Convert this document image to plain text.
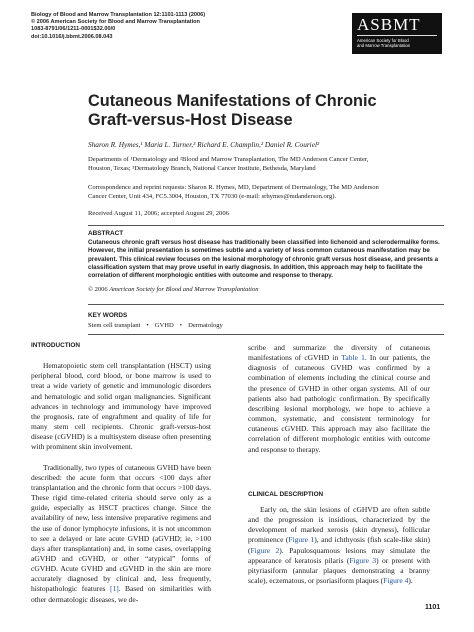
Biology of Blood and Marrow Transplantation 12:1101-1113 (2006)
© 2006 American Society for Blood and Marrow Transplantation
1083-8791/06/1211-0001$32.00/0
doi:10.1016/j.bbmt.2006.08.043
ASBMT
American Society for Blood
and Marrow Transplantation
Cutaneous Manifestations of Chronic
Graft-versus-Host Disease
Sharon R. Hymes,¹ Maria L. Turner,³ Richard E. Champlin,² Daniel R. Couriel²
Departments of ¹Dermatology and ²Blood and Marrow Transplantation, The MD Anderson Cancer Center,
Houston, Texas; ³Dermatology Branch, National Cancer Institute, Bethesda, Maryland
Correspondence and reprint requests: Sharon R. Hymes, MD, Department of Dermatology, The MD Anderson
Cancer Center, Unit 434, FC5.3004, Houston, TX 77030 (e-mail: srhymes@mdanderson.org).
Received August 11, 2006; accepted August 29, 2006
ABSTRACT
Cutaneous chronic graft versus host disease has traditionally been classified into lichenoid and sclerodermalike forms. However, the initial presentation is sometimes subtle and a variety of less common cutaneous manifestation may be prevalent. This clinical review focuses on the lesional morphology of chronic graft versus host disease, and presents a classification system that may prove useful in early diagnosis. In addition, this approach may help to facilitate the correlation of different morphologic entities with outcome and response to therapy.
© 2006 American Society for Blood and Marrow Transplantation
KEY WORDS
Stem cell transplant • GVHD • Dermatology
INTRODUCTION

Hematopoietic stem cell transplantation (HSCT) using peripheral blood, cord blood, or bone marrow is used to treat a wide variety of genetic and immunologic disorders and hematologic and solid organ malignancies. Significant advances in technology and immunology have improved the prognosis, rate of engraftment and quality of life for many stem cell recipients. Chronic graft-versus-host disease (cGVHD) is a multisystem disease often presenting with prominent skin involvement.

Traditionally, two types of cutaneous GVHD have been described: the acute form that occurs <100 days after transplantation and the chronic form that occurs >100 days. These rigid time-related criteria should serve only as a guide, especially as HSCT practices change. Since the availability of new, less intensive preparative regimens and the use of donor lymphocyte infusions, it is not uncommon to see a delayed or late acute GVHD (aGVHD; ie, >100 days after transplantation) and, in some cases, overlapping aGVHD and cGVHD, or other “atypical” forms of cGVHD. Acute GVHD and cGVHD in the skin are more accurately diagnosed by clinical and, less frequently, histopathologic features [1]. Based on similarities with other dermatologic diseases, we de-

scribe and summarize the diversity of cutaneous manifestations of cGVHD in Table 1. In our patients, the diagnosis of cutaneous GVHD was confirmed by a combination of elements including the clinical course and the presence of GVHD in other organ systems. All of our patients also had pathologic confirmation. By specifically describing lesional morphology, we hope to achieve a common, systematic, and consistent terminology for cutaneous cGVHD. This approach may also facilitate the correlation of different morphologic entities with outcome and response to therapy.

CLINICAL DESCRIPTION

Early on, the skin lesions of cGHVD are often subtle and the progression is insidious, characterized by the development of marked xerosis (skin dryness), follicular prominence (Figure 1), and ichthyosis (fish scale-like skin) (Figure 2). Papulosquamous lesions may simulate the appearance of keratosis pilaris (Figure 3) or present with pityriasiform (annular plaques demonstrating a branny scale), eczematous, or psoriasiform plaques (Figure 4).

1101
